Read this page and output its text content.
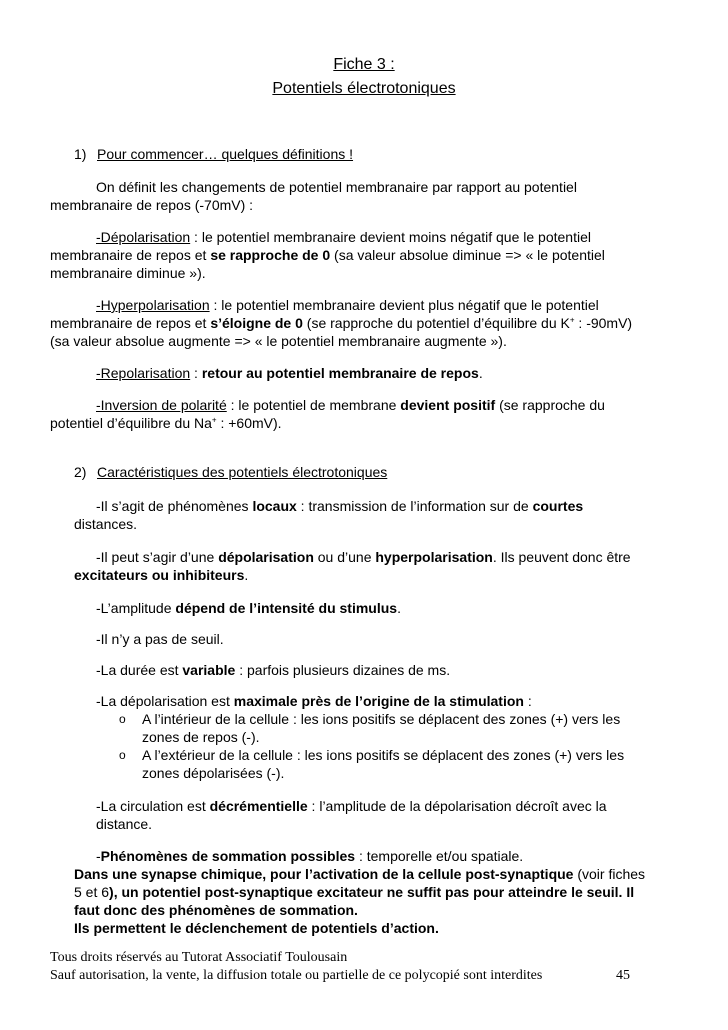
Fiche 3 :
Potentiels électrotoniques
1) Pour commencer… quelques définitions !
On définit les changements de potentiel membranaire par rapport au potentiel
membranaire de repos (-70mV) :
-Dépolarisation : le potentiel membranaire devient moins négatif que le potentiel
membranaire de repos et se rapproche de 0 (sa valeur absolue diminue => « le potentiel
membranaire diminue »).
-Hyperpolarisation : le potentiel membranaire devient plus négatif que le potentiel
membranaire de repos et s’éloigne de 0 (se rapproche du potentiel d’équilibre du K+ : -90mV)
(sa valeur absolue augmente => « le potentiel membranaire augmente »).
-Repolarisation : retour au potentiel membranaire de repos.
-Inversion de polarité : le potentiel de membrane devient positif (se rapproche du
potentiel d’équilibre du Na+ : +60mV).
2) Caractéristiques des potentiels électrotoniques
-Il s’agit de phénomènes locaux : transmission de l’information sur de courtes
distances.
-Il peut s’agir d’une dépolarisation ou d’une hyperpolarisation. Ils peuvent donc être
excitateurs ou inhibiteurs.
-L’amplitude dépend de l’intensité du stimulus.
-Il n’y a pas de seuil.
-La durée est variable : parfois plusieurs dizaines de ms.
-La dépolarisation est maximale près de l’origine de la stimulation :
o A l’intérieur de la cellule : les ions positifs se déplacent des zones (+) vers les
zones de repos (-).
o A l’extérieur de la cellule : les ions positifs se déplacent des zones (+) vers les
zones dépolarisées (-).
-La circulation est décrémentielle : l’amplitude de la dépolarisation décroît avec la
distance.
-Phénomènes de sommation possibles : temporelle et/ou spatiale.
Dans une synapse chimique, pour l’activation de la cellule post-synaptique (voir fiches
5 et 6), un potentiel post-synaptique excitateur ne suffit pas pour atteindre le seuil. Il
faut donc des phénomènes de sommation.
Ils permettent le déclenchement de potentiels d’action.
Tous droits réservés au Tutorat Associatif Toulousain
Sauf autorisation, la vente, la diffusion totale ou partielle de ce polycopié sont interdites	45
